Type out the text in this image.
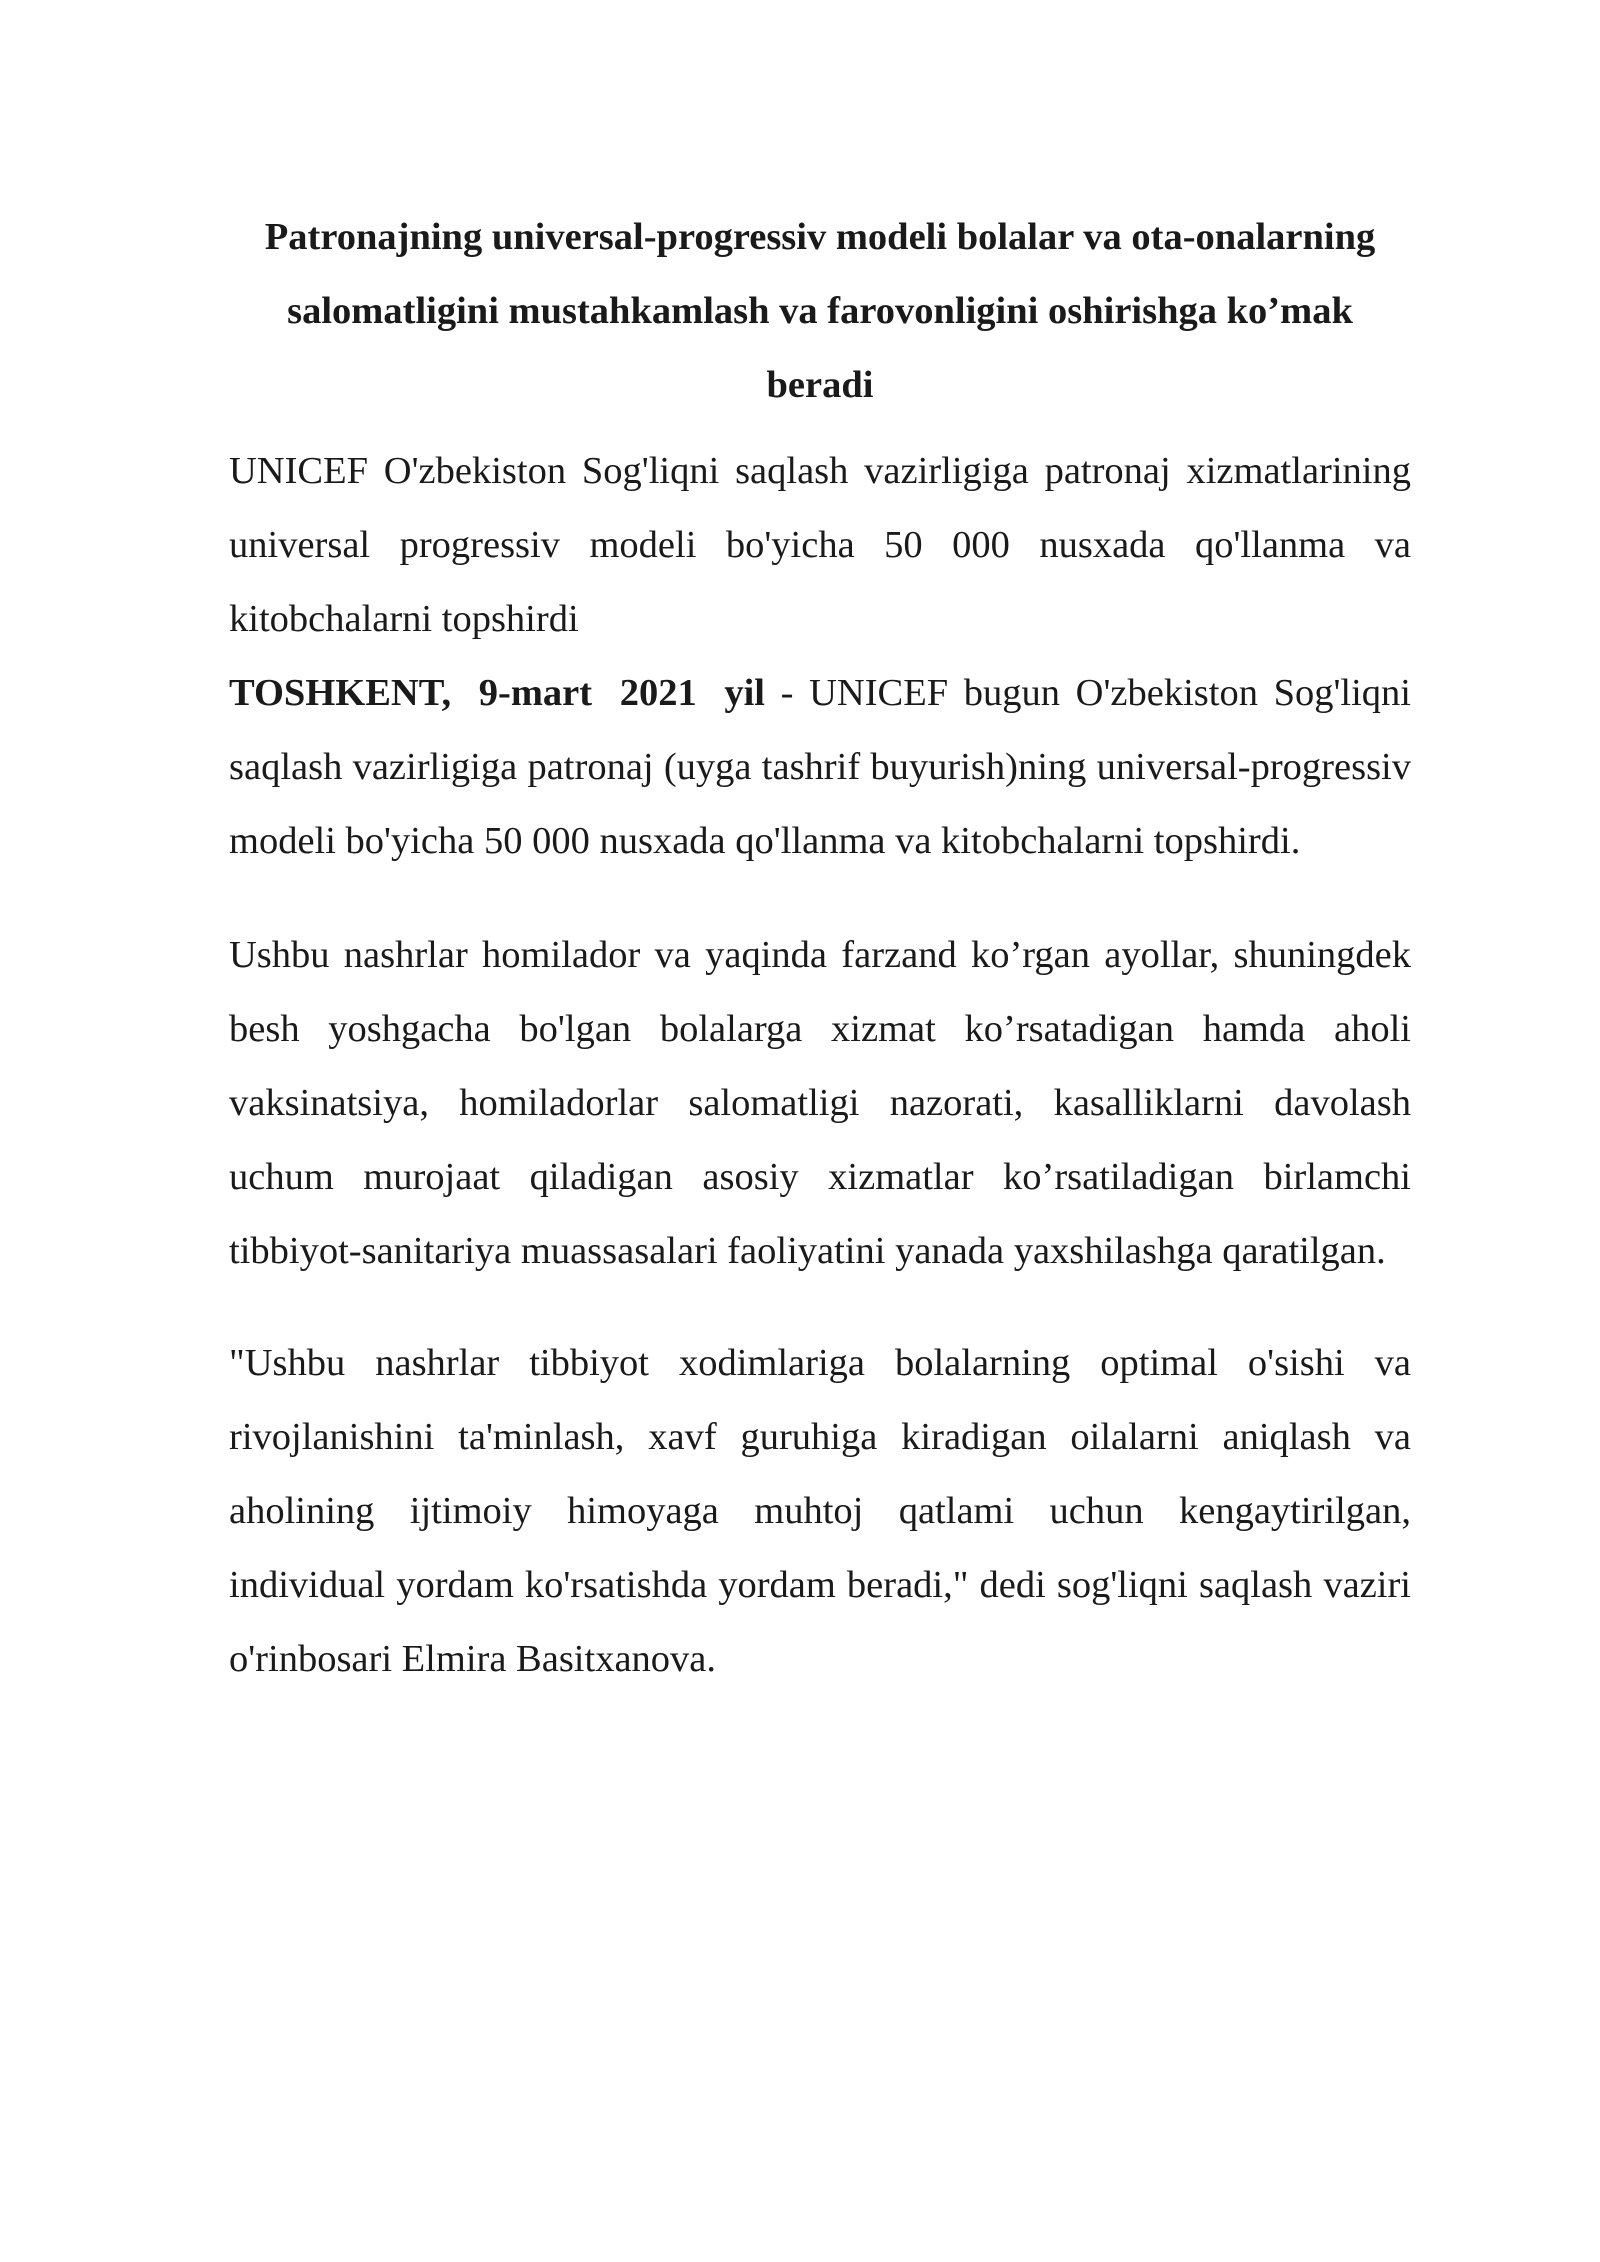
Patronajning universal-progressiv modeli bolalar va ota-onalarning salomatligini mustahkamlash va farovonligini oshirishga ko’mak beradi

UNICEF O'zbekiston Sog'liqni saqlash vazirligiga patronaj xizmatlarining universal progressiv modeli bo'yicha 50 000 nusxada qo'llanma va kitobchalarni topshirdi

TOSHKENT, 9-mart 2021 yil - UNICEF bugun O'zbekiston Sog'liqni saqlash vazirligiga patronaj (uyga tashrif buyurish)ning universal-progressiv modeli bo'yicha 50 000 nusxada qo'llanma va kitobchalarni topshirdi.

Ushbu nashrlar homilador va yaqinda farzand ko’rgan ayollar, shuningdek besh yoshgacha bo'lgan bolalarga xizmat ko’rsatadigan hamda aholi vaksinatsiya, homiladorlar salomatligi nazorati, kasalliklarni davolash uchum murojaat qiladigan asosiy xizmatlar ko’rsatiladigan birlamchi tibbiyot-sanitariya muassasalari faoliyatini yanada yaxshilashga qaratilgan.

"Ushbu nashrlar tibbiyot xodimlariga bolalarning optimal o'sishi va rivojlanishini ta'minlash, xavf guruhiga kiradigan oilalarni aniqlash va aholining ijtimoiy himoyaga muhtoj qatlami uchun kengaytirilgan, individual yordam ko'rsatishda yordam beradi," dedi sog'liqni saqlash vaziri o'rinbosari Elmira Basitxanova.
